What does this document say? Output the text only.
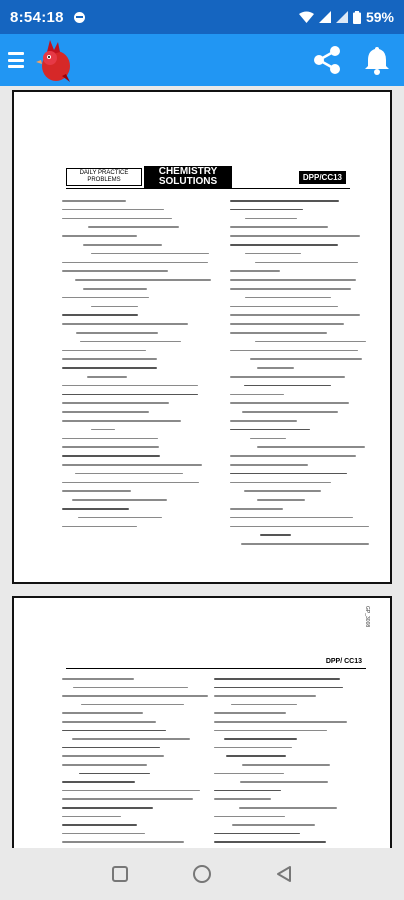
8:54:18	59%
DAILY PRACTICE PROBLEMS
CHEMISTRY SOLUTIONS	DPP/CC13
GP_3008
DPP/ CC13
